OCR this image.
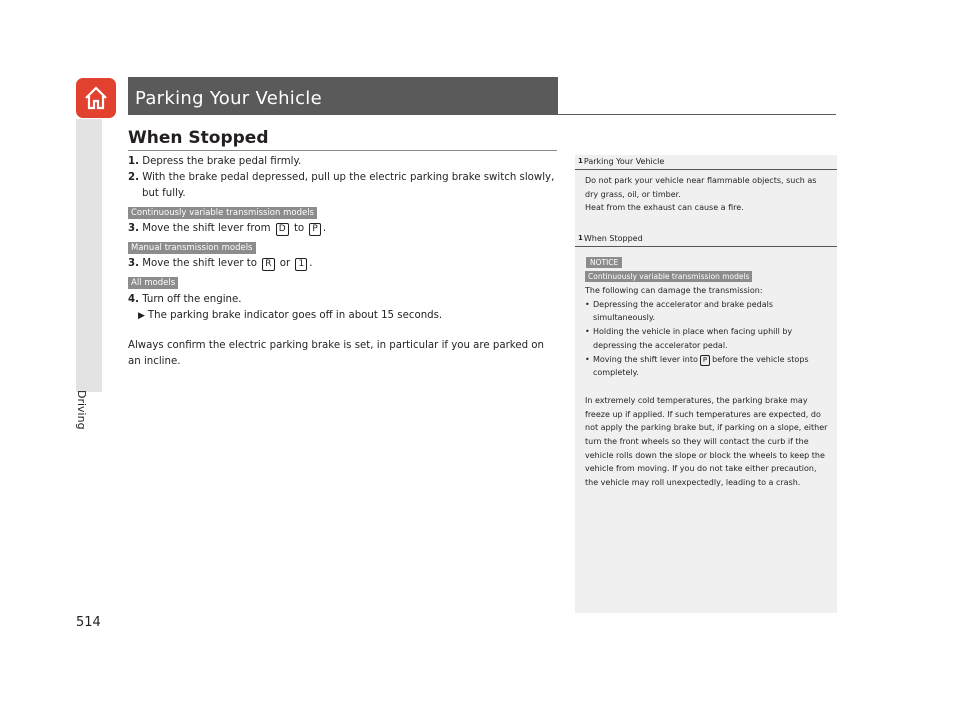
Driving
514
Parking Your Vehicle
When Stopped
1. Depress the brake pedal firmly.
2. With the brake pedal depressed, pull up the electric parking brake switch slowly, but fully.
Continuously variable transmission models
3. Move the shift lever from D to P .
Manual transmission models
3. Move the shift lever to R or 1 .
All models
4. Turn off the engine.
▶ The parking brake indicator goes off in about 15 seconds.
Always confirm the electric parking brake is set, in particular if you are parked on an incline.
1Parking Your Vehicle
Do not park your vehicle near flammable objects, such as dry grass, oil, or timber.
Heat from the exhaust can cause a fire.
1When Stopped
NOTICE
Continuously variable transmission models
The following can damage the transmission:
• Depressing the accelerator and brake pedals simultaneously.
• Holding the vehicle in place when facing uphill by depressing the accelerator pedal.
• Moving the shift lever into P before the vehicle stops completely.
In extremely cold temperatures, the parking brake may freeze up if applied. If such temperatures are expected, do not apply the parking brake but, if parking on a slope, either turn the front wheels so they will contact the curb if the vehicle rolls down the slope or block the wheels to keep the vehicle from moving. If you do not take either precaution, the vehicle may roll unexpectedly, leading to a crash.
